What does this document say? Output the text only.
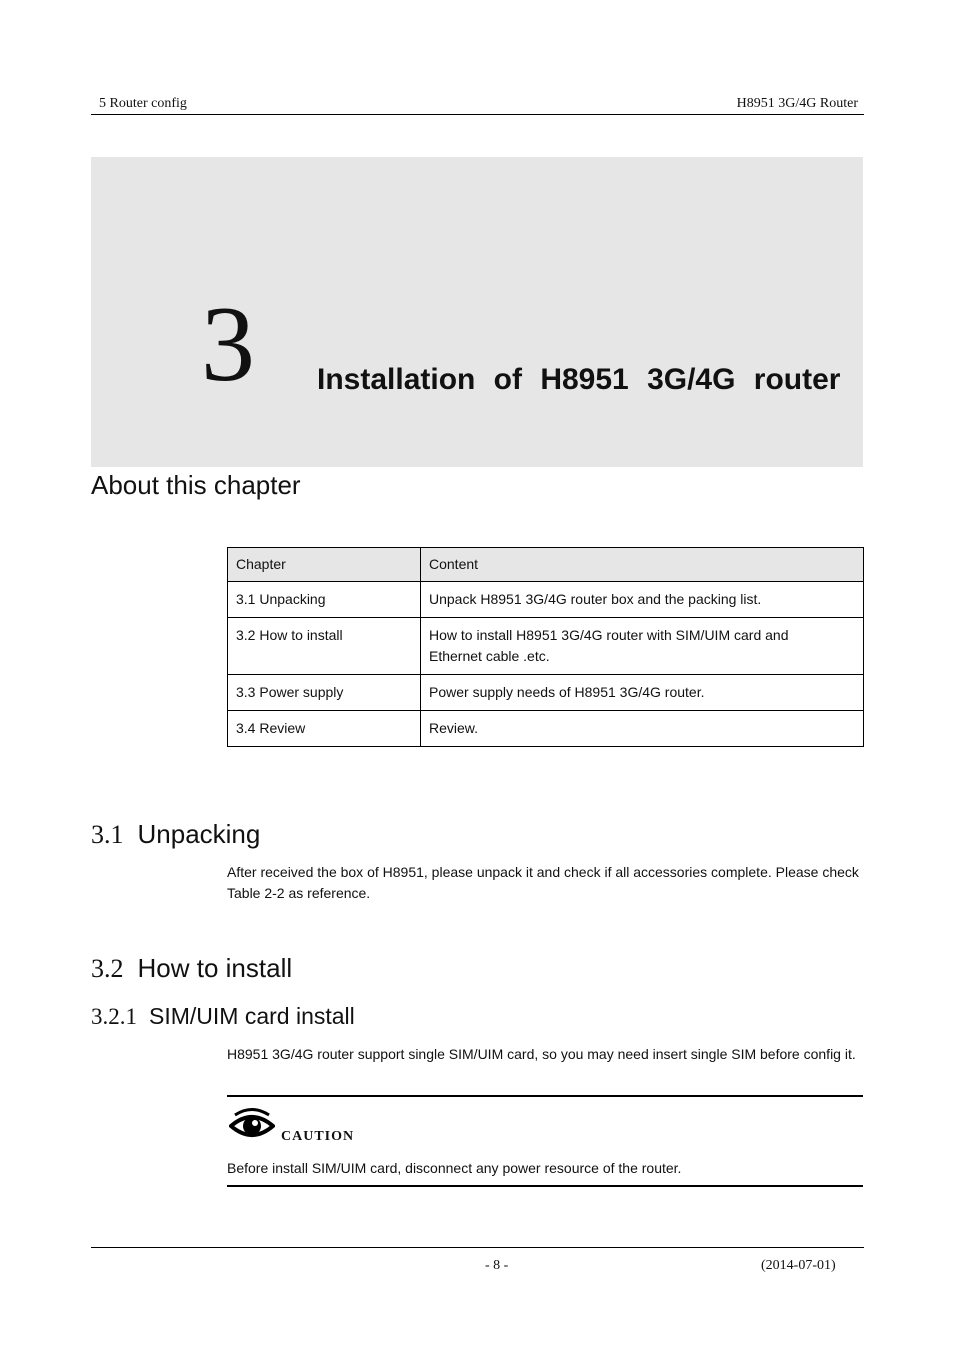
5 Router config	H8951 3G/4G Router
3 Installation of H8951 3G/4G router
About this chapter
Chapter	Content
3.1 Unpacking	Unpack H8951 3G/4G router box and the packing list.
3.2 How to install	How to install H8951 3G/4G router with SIM/UIM card and Ethernet cable .etc.
3.3 Power supply	Power supply needs of H8951 3G/4G router.
3.4 Review	Review.
3.1 Unpacking
After received the box of H8951, please unpack it and check if all accessories complete. Please check Table 2-2 as reference.
3.2 How to install
3.2.1 SIM/UIM card install
H8951 3G/4G router support single SIM/UIM card, so you may need insert single SIM before config it.
CAUTION
Before install SIM/UIM card, disconnect any power resource of the router.
- 8 -	(2014-07-01)
